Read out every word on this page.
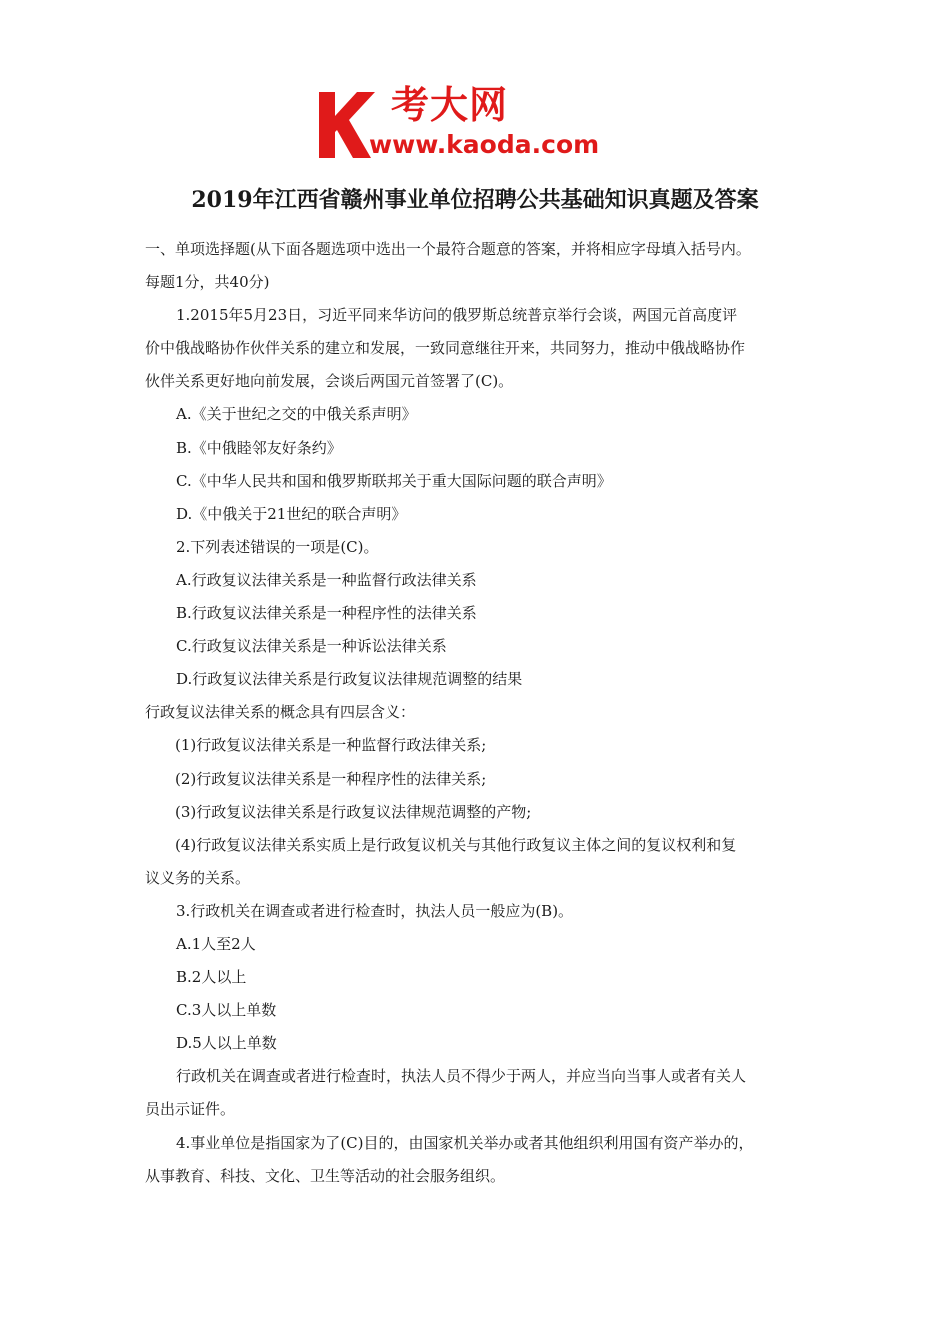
考大网
www.kaoda.com
2019年江西省赣州事业单位招聘公共基础知识真题及答案
一、单项选择题(从下面各题选项中选出一个最符合题意的答案，并将相应字母填入括号内。
每题1分，共40分)
1.2015年5月23日，习近平同来华访问的俄罗斯总统普京举行会谈，两国元首高度评
价中俄战略协作伙伴关系的建立和发展，一致同意继往开来，共同努力，推动中俄战略协作
伙伴关系更好地向前发展，会谈后两国元首签署了(C)。
A.《关于世纪之交的中俄关系声明》
B.《中俄睦邻友好条约》
C.《中华人民共和国和俄罗斯联邦关于重大国际问题的联合声明》
D.《中俄关于21世纪的联合声明》
2.下列表述错误的一项是(C)。
A.行政复议法律关系是一种监督行政法律关系
B.行政复议法律关系是一种程序性的法律关系
C.行政复议法律关系是一种诉讼法律关系
D.行政复议法律关系是行政复议法律规范调整的结果
行政复议法律关系的概念具有四层含义：
(1)行政复议法律关系是一种监督行政法律关系;
(2)行政复议法律关系是一种程序性的法律关系;
(3)行政复议法律关系是行政复议法律规范调整的产物;
(4)行政复议法律关系实质上是行政复议机关与其他行政复议主体之间的复议权利和复
议义务的关系。
3.行政机关在调查或者进行检查时，执法人员一般应为(B)。
A.1人至2人
B.2人以上
C.3人以上单数
D.5人以上单数
行政机关在调查或者进行检查时，执法人员不得少于两人，并应当向当事人或者有关人
员出示证件。
4.事业单位是指国家为了(C)目的，由国家机关举办或者其他组织利用国有资产举办的，
从事教育、科技、文化、卫生等活动的社会服务组织。
